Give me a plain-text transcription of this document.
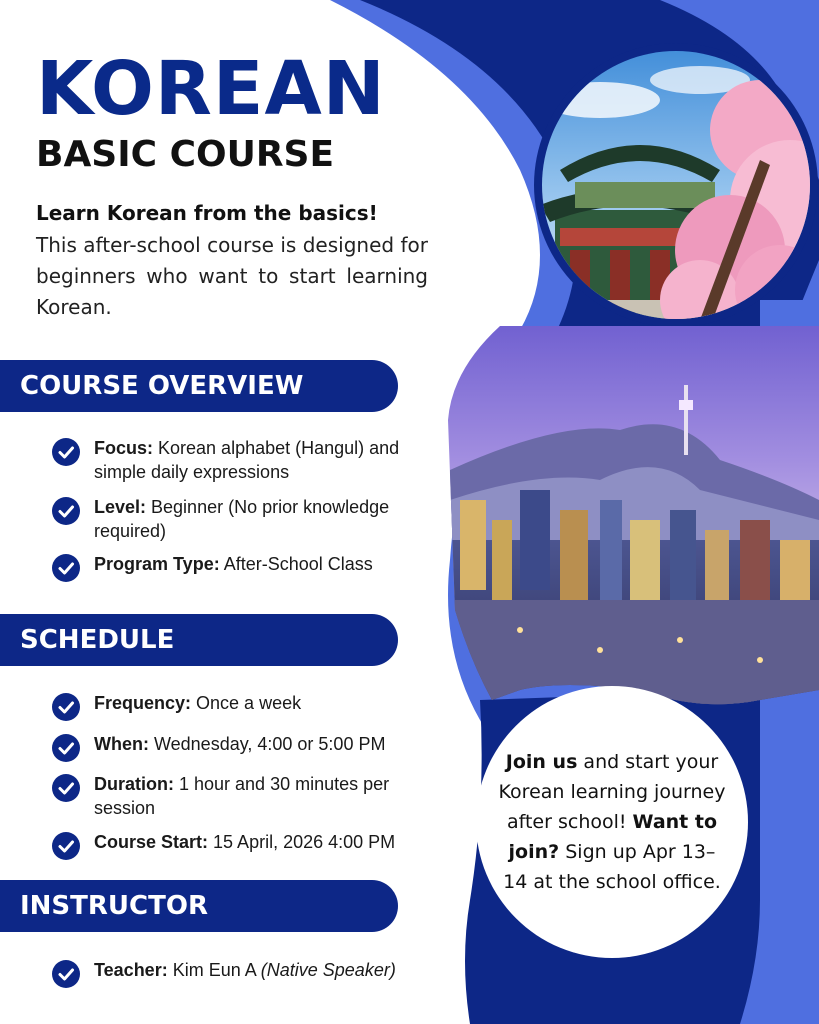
KOREAN
BASIC COURSE
Learn Korean from the basics!
This after-school course is designed for beginners who want to start learning Korean.
COURSE OVERVIEW
Focus: Korean alphabet (Hangul) and simple daily expressions
Level: Beginner (No prior knowledge required)
Program Type: After-School Class
SCHEDULE
Frequency: Once a week
When: Wednesday, 4:00 or 5:00 PM
Duration: 1 hour and 30 minutes per session
Course Start: 15 April, 2026 4:00 PM
INSTRUCTOR
Teacher: Kim Eun A (Native Speaker)
Join us and start your Korean learning journey after school! Want to join? Sign up Apr 13–14 at the school office.
